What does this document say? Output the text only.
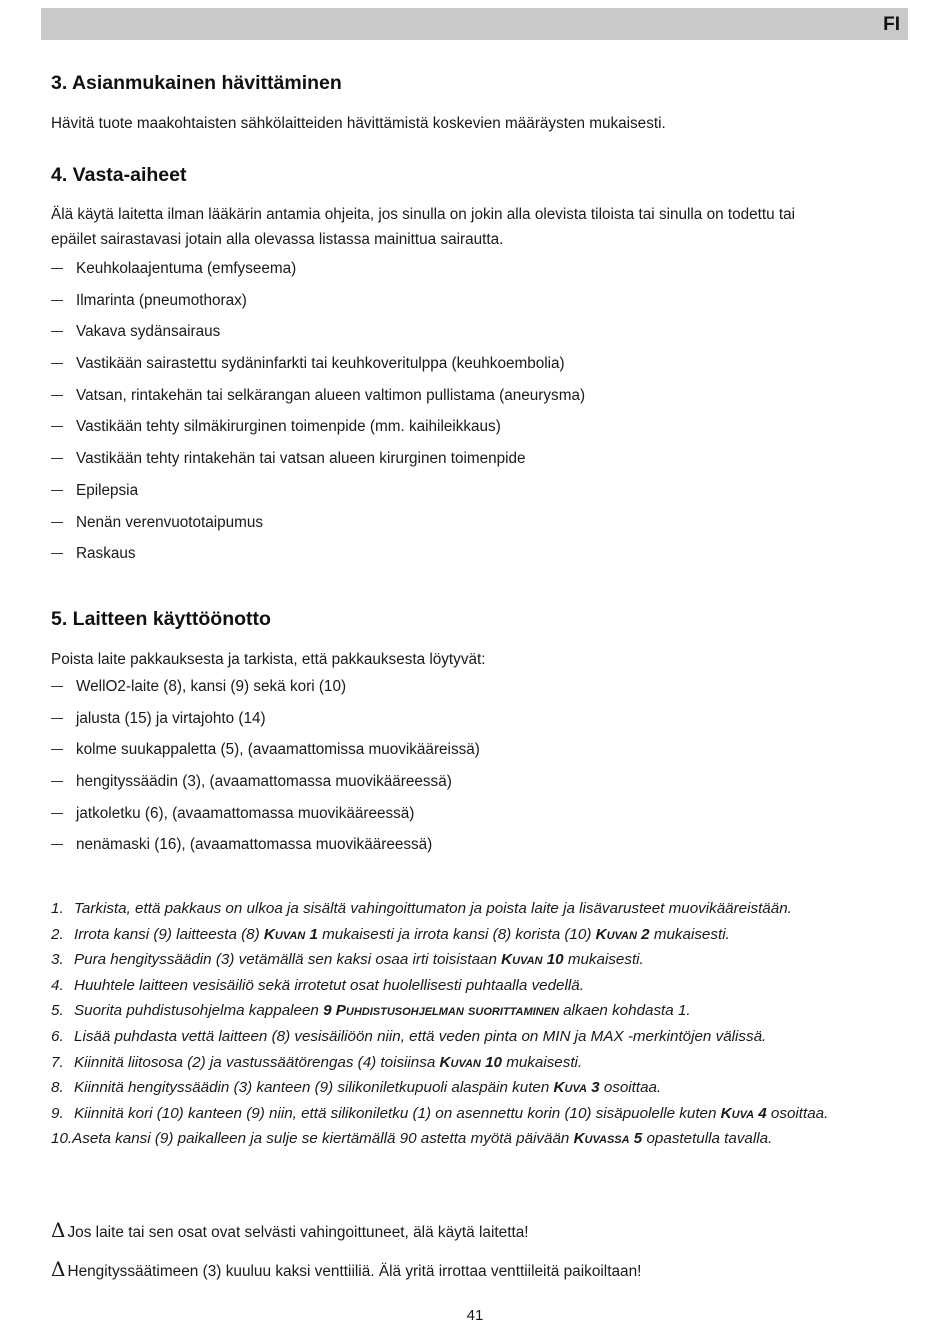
FI
3. Asianmukainen hävittäminen
Hävitä tuote maakohtaisten sähkölaitteiden hävittämistä koskevien määräysten mukaisesti.
4. Vasta-aiheet
Älä käytä laitetta ilman lääkärin antamia ohjeita, jos sinulla on jokin alla olevista tiloista tai sinulla on todettu tai
epäilet sairastavasi jotain alla olevassa listassa mainittua sairautta.
Keuhkolaajentuma (emfyseema)
Ilmarinta (pneumothorax)
Vakava sydänsairaus
Vastikään sairastettu sydäninfarkti tai keuhkoveritulppa (keuhkoembolia)
Vatsan, rintakehän tai selkärangan alueen valtimon pullistama (aneurysma)
Vastikään tehty silmäkirurginen toimenpide (mm. kaihileikkaus)
Vastikään tehty rintakehän tai vatsan alueen kirurginen toimenpide
Epilepsia
Nenän verenvuototaipumus
Raskaus
5. Laitteen käyttöönotto
Poista laite pakkauksesta ja tarkista, että pakkauksesta löytyvät:
WellO2-laite (8), kansi (9) sekä kori (10)
jalusta (15) ja virtajohto (14)
kolme suukappaletta (5), (avaamattomissa muovikääreissä)
hengityssäädin (3), (avaamattomassa muovikääreessä)
jatkoletku (6), (avaamattomassa muovikääreessä)
nenämaski (16), (avaamattomassa muovikääreessä)
1. Tarkista, että pakkaus on ulkoa ja sisältä vahingoittumaton ja poista laite ja lisävarusteet muovikääreistään.
2. Irrota kansi (9) laitteesta (8) Kuvan 1 mukaisesti ja irrota kansi (8) korista (10) Kuvan 2 mukaisesti.
3. Pura hengityssäädin (3) vetämällä sen kaksi osaa irti toisistaan Kuvan 10 mukaisesti.
4. Huuhtele laitteen vesisäiliö sekä irrotetut osat huolellisesti puhtaalla vedellä.
5. Suorita puhdistusohjelma kappaleen 9 Puhdistusohjelman suorittaminen alkaen kohdasta 1.
6. Lisää puhdasta vettä laitteen (8) vesisäiliöön niin, että veden pinta on MIN ja MAX -merkintöjen välissä.
7. Kiinnitä liitososa (2) ja vastussäätörengas (4) toisiinsa Kuvan 10 mukaisesti.
8. Kiinnitä hengityssäädin (3) kanteen (9) silikoniletkupuoli alaspäin kuten Kuva 3 osoittaa.
9. Kiinnitä kori (10) kanteen (9) niin, että silikoniletku (1) on asennettu korin (10) sisäpuolelle kuten Kuva 4 osoittaa.
10.Aseta kansi (9) paikalleen ja sulje se kiertämällä 90 astetta myötä päivään Kuvassa 5 opastetulla tavalla.
Δ Jos laite tai sen osat ovat selvästi vahingoittuneet, älä käytä laitetta!
Δ Hengityssäätimeen (3) kuuluu kaksi venttiiliä. Älä yritä irrottaa venttiileitä paikoiltaan!
41
